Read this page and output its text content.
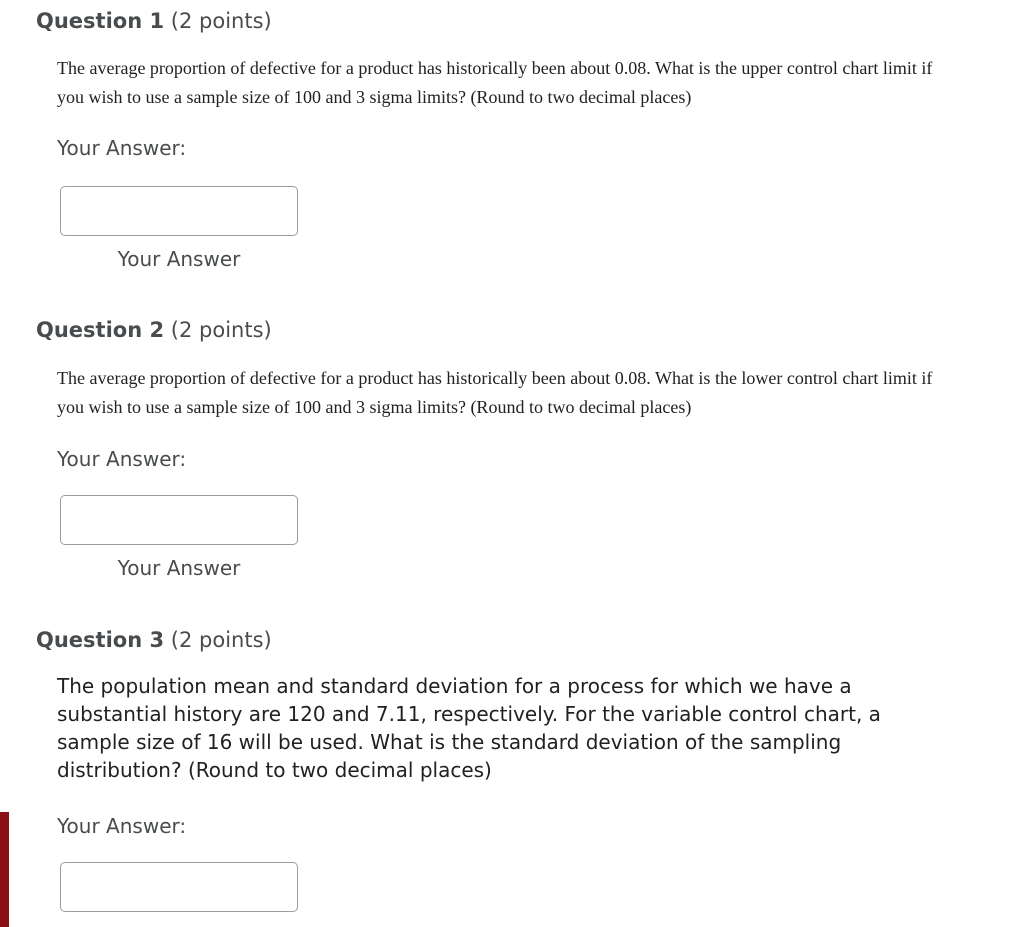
Question 1 (2 points)

The average proportion of defective for a product has historically been about 0.08. What is the upper control chart limit if you wish to use a sample size of 100 and 3 sigma limits? (Round to two decimal places)

Your Answer:

Your Answer

Question 2 (2 points)

The average proportion of defective for a product has historically been about 0.08. What is the lower control chart limit if you wish to use a sample size of 100 and 3 sigma limits? (Round to two decimal places)

Your Answer:

Your Answer

Question 3 (2 points)

The population mean and standard deviation for a process for which we have a substantial history are 120 and 7.11, respectively. For the variable control chart, a sample size of 16 will be used. What is the standard deviation of the sampling distribution? (Round to two decimal places)

Your Answer:
